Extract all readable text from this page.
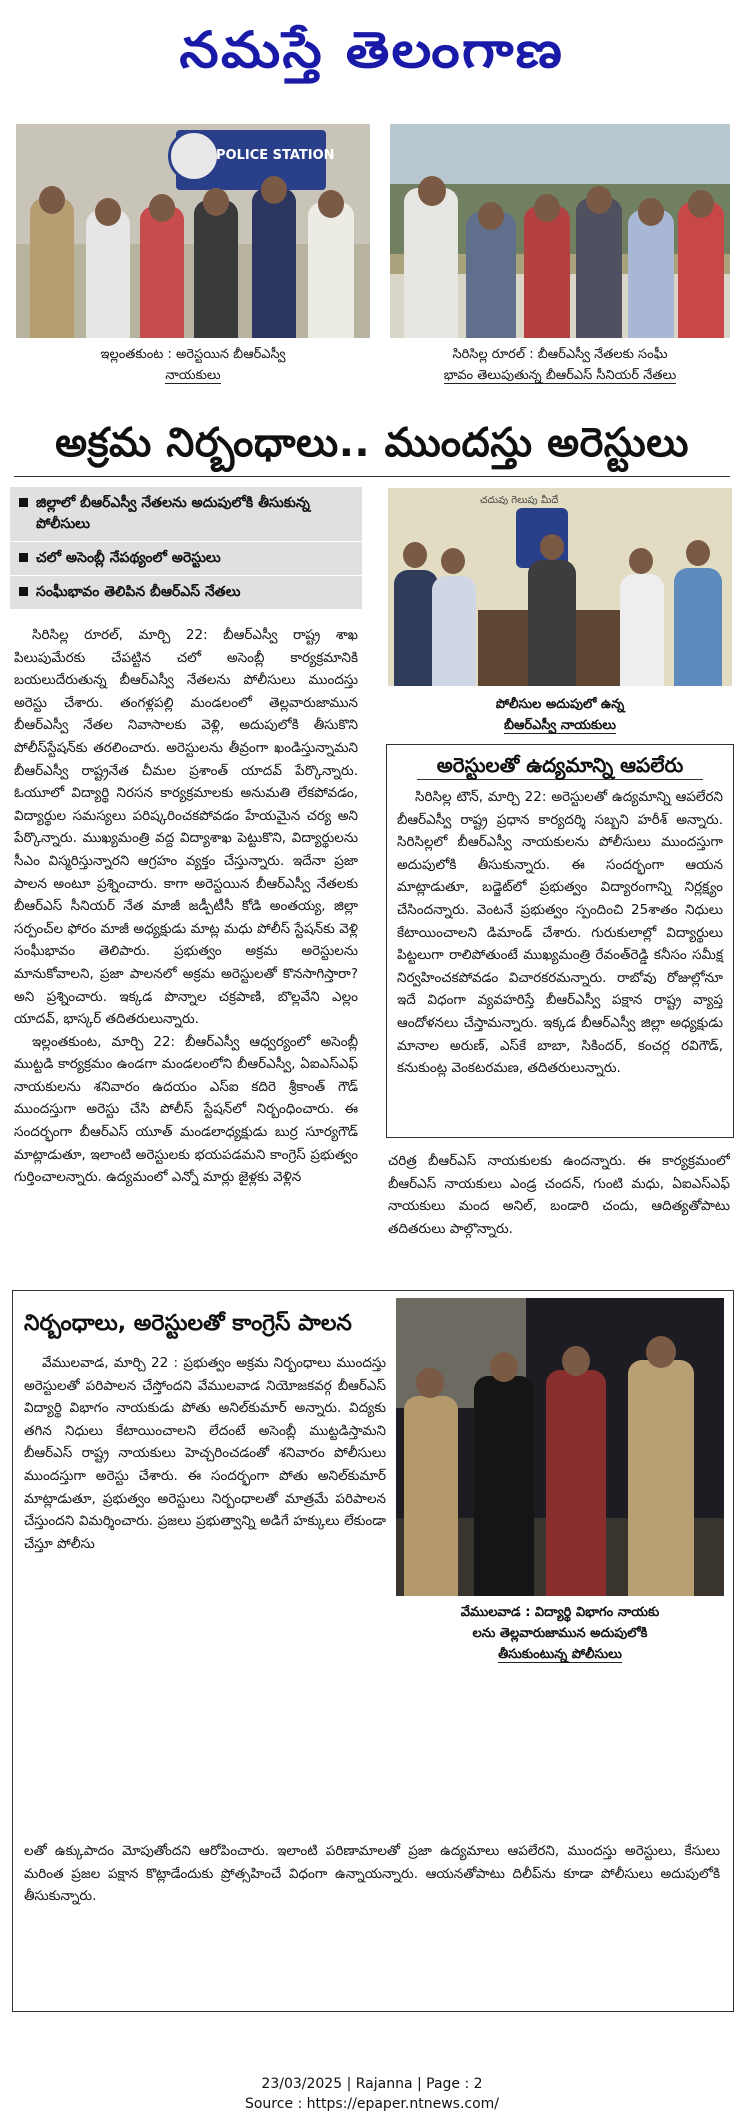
నమస్తే తెలంగాణ
POLICE STATION
ఇల్లంతకుంట : అరెస్టయిన బీఆర్ఎస్వీ
నాయకులు
సిరిసిల్ల రూరల్ : బీఆర్ఎస్వీ నేతలకు సంఘీ
భావం తెలుపుతున్న బీఆర్ఎస్ సీనియర్ నేతలు
అక్రమ నిర్బంధాలు.. ముందస్తు అరెస్టులు
జిల్లాలో బీఆర్ఎస్వీ నేతలను అదుపులోకి తీసుకున్న పోలీసులు
చలో అసెంబ్లీ నేపథ్యంలో అరెస్టులు
సంఘీభావం తెలిపిన బీఆర్ఎస్ నేతలు

సిరిసిల్ల రూరల్, మార్చి 22: బీఆర్ఎస్వీ రాష్ట్ర శాఖ పిలుపుమేరకు చేపట్టిన చలో అసెంబ్లీ కార్యక్రమానికి బయలుదేరుతున్న బీఆర్ఎస్వీ నేతలను పోలీసులు ముందస్తు అరెస్టు చేశారు. తంగళ్లపల్లి మండలంలో తెల్లవారుజామున బీఆర్ఎస్వీ నేతల నివాసాలకు వెళ్లి, అదుపులోకి తీసుకొని పోలీస్‌స్టేషన్‌కు తరలించారు. అరెస్టులను తీవ్రంగా ఖండిస్తున్నామని బీఆర్ఎస్వీ రాష్ట్రనేత చీమల ప్రశాంత్ యాదవ్ పేర్కొన్నారు. ఓయూలో విద్యార్థి నిరసన కార్యక్రమాలకు అనుమతి లేకపోవడం, విద్యార్థుల సమస్యలు పరిష్కరించకపోవడం హేయమైన చర్య అని పేర్కొన్నారు. ముఖ్యమంత్రి వద్ద విద్యాశాఖ పెట్టుకొని, విద్యార్థులను సీఎం విస్మరిస్తున్నారని ఆగ్రహం వ్యక్తం చేస్తున్నారు. ఇదేనా ప్రజా పాలన అంటూ ప్రశ్నించారు. కాగా అరెస్టయిన బీఆర్ఎస్వీ నేతలకు బీఆర్ఎస్ సీనియర్ నేత మాజీ జడ్పీటీసీ కోడి అంతయ్య, జిల్లా సర్పంచ్‌ల ఫోరం మాజీ అధ్యక్షుడు మాట్ల మధు పోలీస్ స్టేషన్‌కు వెళ్లి సంఘీభావం తెలిపారు. ప్రభుత్వం అక్రమ అరెస్టులను మానుకోవాలని, ప్రజా పాలనలో అక్రమ అరెస్టులతో కొనసాగిస్తారా? అని ప్రశ్నించారు. ఇక్కడ పొన్నాల చక్రపాణి, బొల్లవేని ఎల్లం యాదవ్, భాస్కర్ తదితరులున్నారు.

ఇల్లంతకుంట, మార్చి 22: బీఆర్ఎస్వీ ఆధ్వర్యంలో అసెంబ్లీ ముట్టడి కార్యక్రమం ఉండగా మండలంలోని బీఆర్ఎస్వీ, ఏఐఎస్ఎఫ్ నాయకులను శనివారం ఉదయం ఎస్ఐ కదిరె శ్రీకాంత్ గౌడ్ ముందస్తుగా అరెస్టు చేసి పోలీస్ స్టేషన్‌లో నిర్బంధించారు. ఈ సందర్భంగా బీఆర్ఎస్ యూత్ మండలాధ్యక్షుడు బుర్ర సూర్యగౌడ్ మాట్లాడుతూ, ఇలాంటి అరెస్టులకు భయపడమని కాంగ్రెస్ ప్రభుత్వం గుర్తించాలన్నారు. ఉద్యమంలో ఎన్నో మార్లు జైళ్లకు వెళ్లిన

చదువు గెలుపు మీదే
పోలీసుల అదుపులో ఉన్న
బీఆర్ఎస్వీ నాయకులు
అరెస్టులతో ఉద్యమాన్ని ఆపలేరు

సిరిసిల్ల టౌన్, మార్చి 22: అరెస్టులతో ఉద్యమాన్ని ఆపలేరని బీఆర్ఎస్వీ రాష్ట్ర ప్రధాన కార్యదర్శి సబ్బని హరీశ్ అన్నారు. సిరిసిల్లలో బీఆర్ఎస్వీ నాయకులను పోలీసులు ముందస్తుగా అదుపులోకి తీసుకున్నారు. ఈ సందర్భంగా ఆయన మాట్లాడుతూ, బడ్జెట్‌లో ప్రభుత్వం విద్యారంగాన్ని నిర్లక్ష్యం చేసిందన్నారు. వెంటనే ప్రభుత్వం స్పందించి 25శాతం నిధులు కేటాయించాలని డిమాండ్ చేశారు. గురుకులాల్లో విద్యార్థులు పిట్టలుగా రాలిపోతుంటే ముఖ్యమంత్రి రేవంత్‌రెడ్డి కనీసం సమీక్ష నిర్వహించకపోవడం విచారకరమన్నారు. రాబోవు రోజుల్లోనూ ఇదే విధంగా వ్యవహరిస్తే బీఆర్ఎస్వీ పక్షాన రాష్ట్ర వ్యాప్త ఆందోళనలు చేస్తామన్నారు. ఇక్కడ బీఆర్ఎస్వీ జిల్లా అధ్యక్షుడు మానాల అరుణ్, ఎస్‌కే బాబా, సికిందర్, కంచర్ల రవిగౌడ్, కనుకుంట్ల వెంకటరమణ, తదితరులున్నారు.

చరిత్ర బీఆర్ఎస్ నాయకులకు ఉందన్నారు. ఈ కార్యక్రమంలో బీఆర్ఎస్ నాయకులు ఎండ్ర చందన్, గుంటి మధు, ఏఐఎస్ఎఫ్ నాయకులు మంద అనిల్, బండారి చందు, ఆదిత్యతోపాటు తదితరులు పాల్గొన్నారు.
నిర్బంధాలు, అరెస్టులతో కాంగ్రెస్ పాలన

వేములవాడ, మార్చి 22 : ప్రభుత్వం అక్రమ నిర్బంధాలు ముందస్తు అరెస్టులతో పరిపాలన చేస్తోందని వేములవాడ నియోజకవర్గ బీఆర్ఎస్ విద్యార్థి విభాగం నాయకుడు పోతు అనిల్‌కుమార్ అన్నారు. విద్యకు తగిన నిధులు కేటాయించాలని లేదంటే అసెంబ్లీ ముట్టడిస్తామని బీఆర్ఎస్ రాష్ట్ర నాయకులు హెచ్చరించడంతో శనివారం పోలీసులు ముందస్తుగా అరెస్టు చేశారు. ఈ సందర్భంగా పోతు అనిల్‌కుమార్ మాట్లాడుతూ, ప్రభుత్వం అరెస్టులు నిర్బంధాలతో మాత్రమే పరిపాలన చేస్తుందని విమర్శించారు. ప్రజలు ప్రభుత్వాన్ని అడిగే హక్కులు లేకుండా చేస్తూ పోలీసు

వేములవాడ : విద్యార్థి విభాగం నాయకు
లను తెల్లవారుజామున అదుపులోకి
తీసుకుంటున్న పోలీసులు

లతో ఉక్కుపాదం మోపుతోందని ఆరోపించారు. ఇలాంటి పరిణామాలతో ప్రజా ఉద్యమాలు ఆపలేరని, ముందస్తు అరెస్టులు, కేసులు మరింత ప్రజల పక్షాన కొట్లాడేందుకు ప్రోత్సహించే విధంగా ఉన్నాయన్నారు. ఆయనతోపాటు దిలీప్‌ను కూడా పోలీసులు అదుపులోకి తీసుకున్నారు.

23/03/2025 | Rajanna | Page : 2
Source : https://epaper.ntnews.com/
